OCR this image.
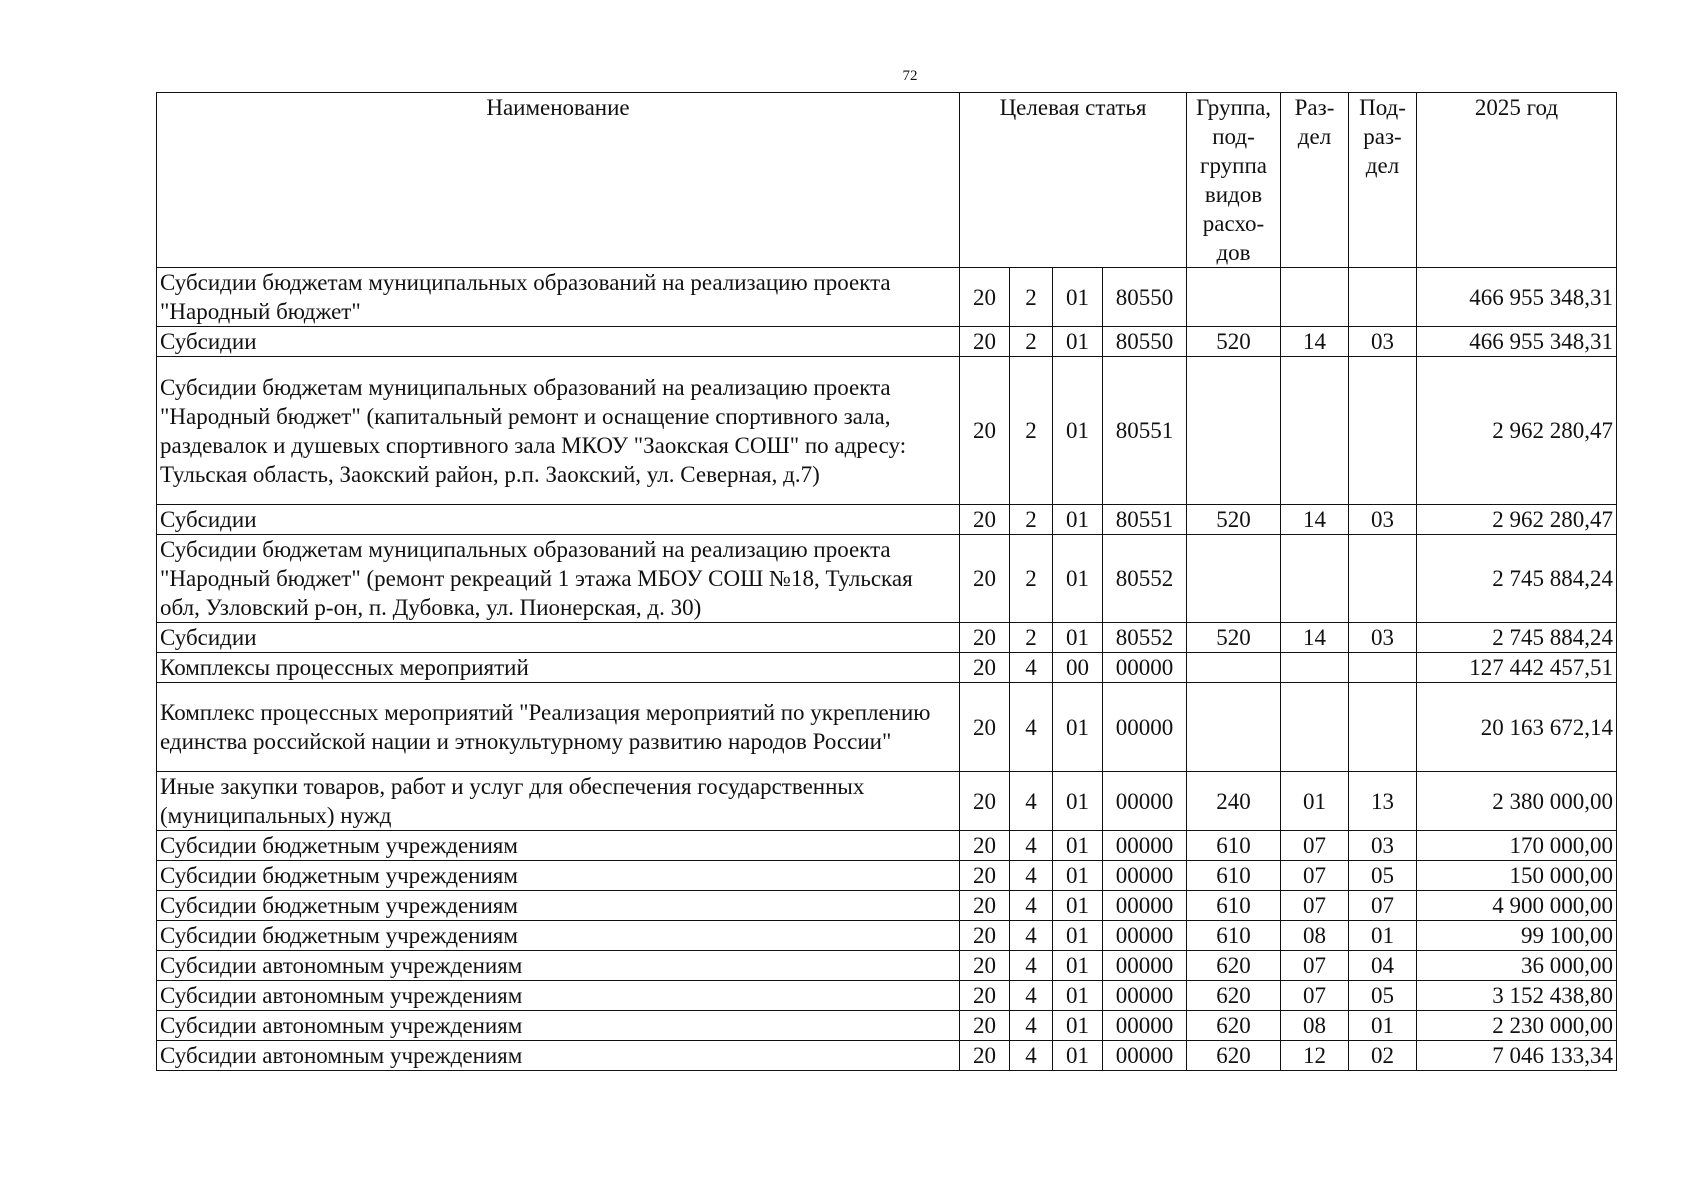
72
Наименование	Целевая статья				Группа, под-группа видов расхо-дов	Раз-дел	Под-раз-дел	2025 год
Субсидии бюджетам муниципальных образований на реализацию проекта "Народный бюджет"	20	2	01	80550				466 955 348,31
Субсидии	20	2	01	80550	520	14	03	466 955 348,31
Субсидии бюджетам муниципальных образований на реализацию проекта "Народный бюджет" (капитальный ремонт и оснащение спортивного зала, раздевалок и душевых спортивного зала МКОУ "Заокская СОШ" по адресу: Тульская область, Заокский район, р.п. Заокский, ул. Северная, д.7)	20	2	01	80551				2 962 280,47
Субсидии	20	2	01	80551	520	14	03	2 962 280,47
Субсидии бюджетам муниципальных образований на реализацию проекта "Народный бюджет" (ремонт рекреаций 1 этажа МБОУ СОШ №18, Тульская обл, Узловский р-он, п. Дубовка, ул. Пионерская, д. 30)	20	2	01	80552				2 745 884,24
Субсидии	20	2	01	80552	520	14	03	2 745 884,24
Комплексы процессных мероприятий	20	4	00	00000				127 442 457,51
Комплекс процессных мероприятий "Реализация мероприятий по укреплению единства российской нации и этнокультурному развитию народов России"	20	4	01	00000				20 163 672,14
Иные закупки товаров, работ и услуг для обеспечения государственных (муниципальных) нужд	20	4	01	00000	240	01	13	2 380 000,00
Субсидии бюджетным учреждениям	20	4	01	00000	610	07	03	170 000,00
Субсидии бюджетным учреждениям	20	4	01	00000	610	07	05	150 000,00
Субсидии бюджетным учреждениям	20	4	01	00000	610	07	07	4 900 000,00
Субсидии бюджетным учреждениям	20	4	01	00000	610	08	01	99 100,00
Субсидии автономным учреждениям	20	4	01	00000	620	07	04	36 000,00
Субсидии автономным учреждениям	20	4	01	00000	620	07	05	3 152 438,80
Субсидии автономным учреждениям	20	4	01	00000	620	08	01	2 230 000,00
Субсидии автономным учреждениям	20	4	01	00000	620	12	02	7 046 133,34
